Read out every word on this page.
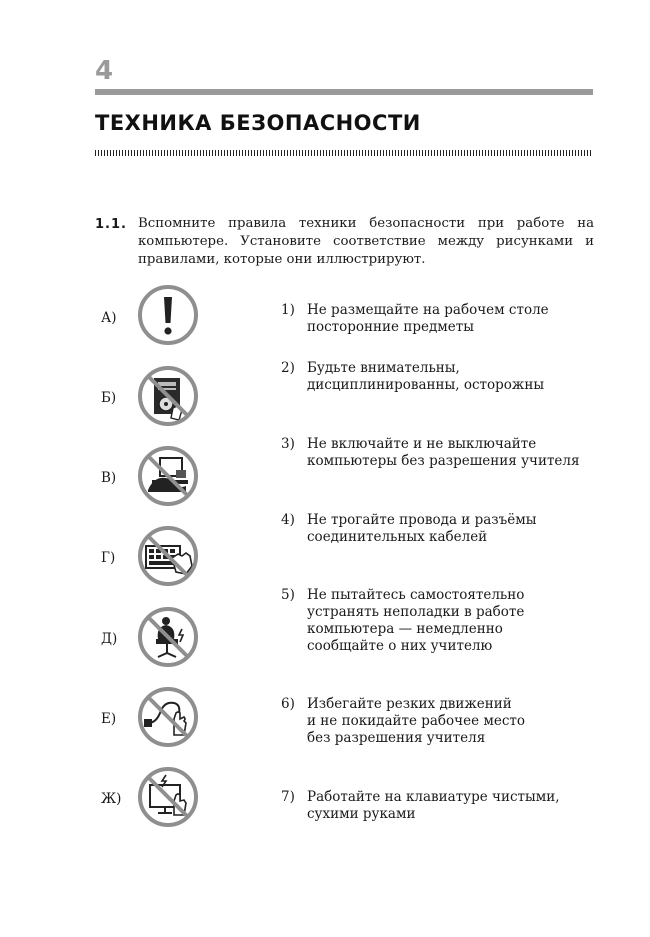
4
ТЕХНИКА БЕЗОПАСНОСТИ
1.1. Вспомните правила техники безопасности при работе на компьютере. Установите соответствие между рисунками и правилами, которые они иллюстрируют.
А)
Б)
В)
Г)
Д)
Е)
Ж)
1) Не размещайте на рабочем столе
посторонние предметы
2) Будьте внимательны,
дисциплинированны, осторожны
3) Не включайте и не выключайте
компьютеры без разрешения учителя
4) Не трогайте провода и разъёмы
соединительных кабелей
5) Не пытайтесь самостоятельно
устранять неполадки в работе
компьютера — немедленно
сообщайте о них учителю
6) Избегайте резких движений
и не покидайте рабочее место
без разрешения учителя
7) Работайте на клавиатуре чистыми,
сухими руками
